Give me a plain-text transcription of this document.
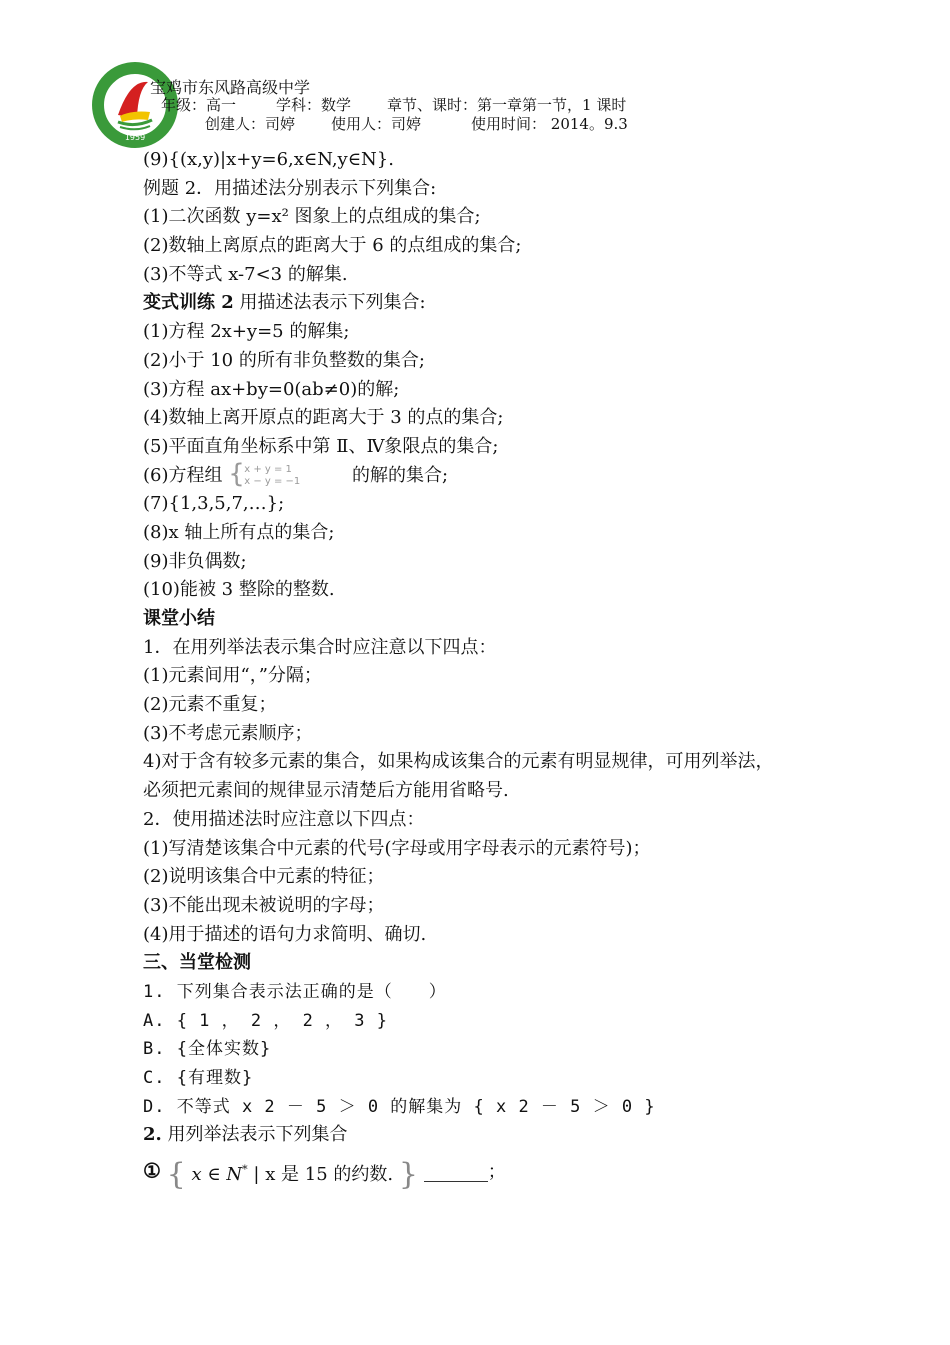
1959
宝鸡市东风路高级中学
年级：高一	学科：数学 章节、课时：第一章第一节，1 课时
创建人：司婷 使用人：司婷	使用时间： 2014。9.3
(9){(x,y)|x+y=6,x∈N,y∈N}.
例题 2．用描述法分别表示下列集合:
(1)二次函数 y=x² 图象上的点组成的集合;
(2)数轴上离原点的距离大于 6 的点组成的集合;
(3)不等式 x-7<3 的解集.
变式训练 2 用描述法表示下列集合:
(1)方程 2x+y=5 的解集;
(2)小于 10 的所有非负整数的集合;
(3)方程 ax+by=0(ab≠0)的解;
(4)数轴上离开原点的距离大于 3 的点的集合;
(5)平面直角坐标系中第 Ⅱ、Ⅳ象限点的集合;
(6)方程组 { x + y = 1
x − y = −1	的解的集合;
(7){1,3,5,7,…};
(8)x 轴上所有点的集合;
(9)非负偶数;
(10)能被 3 整除的整数.
课堂小结
1．在用列举法表示集合时应注意以下四点：
(1)元素间用“，”分隔；
(2)元素不重复；
(3)不考虑元素顺序；
4)对于含有较多元素的集合，如果构成该集合的元素有明显规律，可用列举法，
必须把元素间的规律显示清楚后方能用省略号.
2．使用描述法时应注意以下四点：
(1)写清楚该集合中元素的代号(字母或用字母表示的元素符号)；
(2)说明该集合中元素的特征；
(3)不能出现未被说明的字母；
(4)用于描述的语句力求简明、确切.
三、当堂检测
1. 下列集合表示法正确的是（　　）
A. { 1 ， 2 ， 2 ， 3 }
B. {全体实数}
C. {有理数}
D. 不等式 x 2 － 5 ＞ 0 的解集为 { x 2 － 5 ＞ 0 }
2. 用列举法表示下列集合
① { x ∈ N* | x 是 15 的约数. }	；
